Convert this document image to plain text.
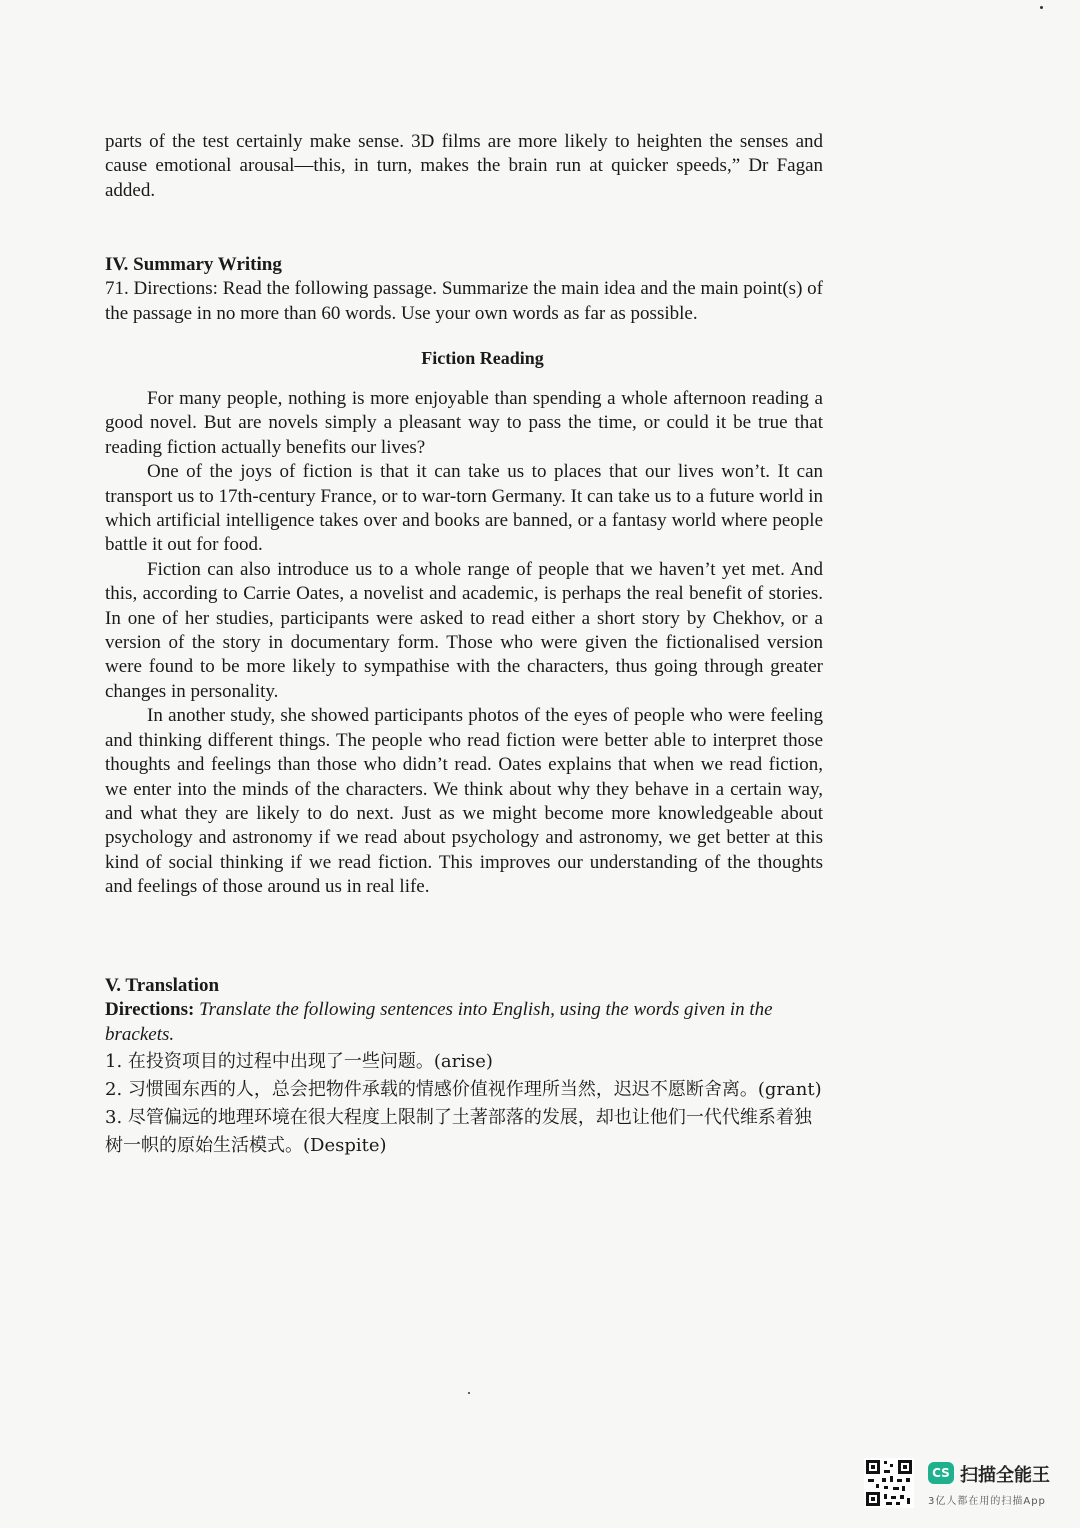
parts of the test certainly make sense. 3D films are more likely to heighten the senses and cause emotional arousal—this, in turn, makes the brain run at quicker speeds,” Dr Fagan added.

IV. Summary Writing

71. Directions: Read the following passage. Summarize the main idea and the main point(s) of the passage in no more than 60 words. Use your own words as far as possible.

Fiction Reading

For many people, nothing is more enjoyable than spending a whole afternoon reading a good novel. But are novels simply a pleasant way to pass the time, or could it be true that reading fiction actually benefits our lives?

One of the joys of fiction is that it can take us to places that our lives won’t. It can transport us to 17th-century France, or to war-torn Germany. It can take us to a future world in which artificial intelligence takes over and books are banned, or a fantasy world where people battle it out for food.

Fiction can also introduce us to a whole range of people that we haven’t yet met. And this, according to Carrie Oates, a novelist and academic, is perhaps the real benefit of stories. In one of her studies, participants were asked to read either a short story by Chekhov, or a version of the story in documentary form. Those who were given the fictionalised version were found to be more likely to sympathise with the characters, thus going through greater changes in personality.

In another study, she showed participants photos of the eyes of people who were feeling and thinking different things. The people who read fiction were better able to interpret those thoughts and feelings than those who didn’t read. Oates explains that when we read fiction, we enter into the minds of the characters. We think about why they behave in a certain way, and what they are likely to do next. Just as we might become more knowledgeable about psychology and astronomy if we read about psychology and astronomy, we get better at this kind of social thinking if we read fiction. This improves our understanding of the thoughts and feelings of those around us in real life.

V. Translation

Directions: Translate the following sentences into English, using the words given in the brackets.

1. 在投资项目的过程中出现了一些问题。(arise)

2. 习惯囤东西的人，总会把物件承载的情感价值视作理所当然，迟迟不愿断舍离。(grant)

3. 尽管偏远的地理环境在很大程度上限制了土著部落的发展，却也让他们一代代维系着独树一帜的原始生活模式。(Despite)

CS 扫描全能王
3亿人都在用的扫描App
